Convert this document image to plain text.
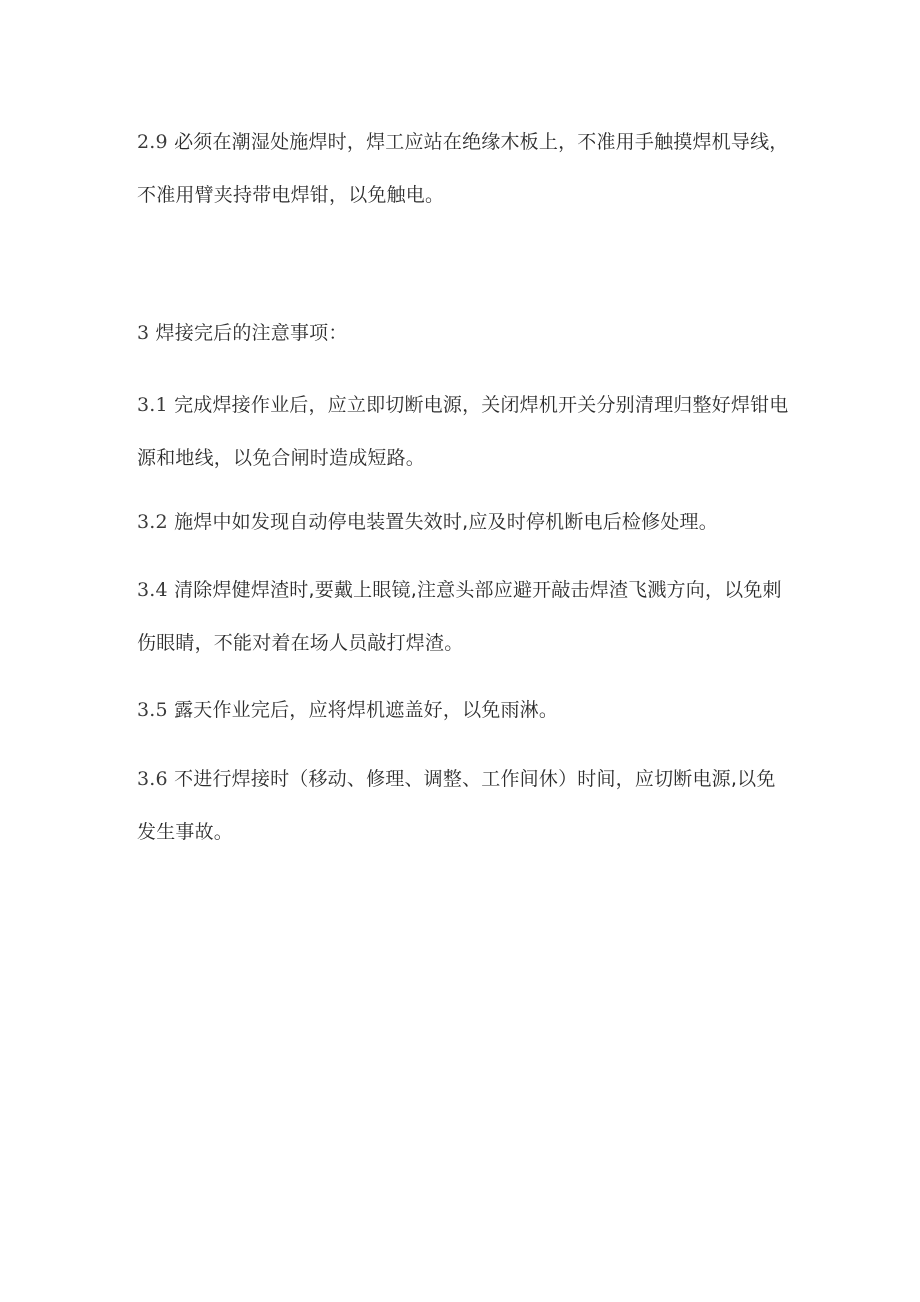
2.9 必须在潮湿处施焊时，焊工应站在绝缘木板上，不准用手触摸焊机导线，不准用臂夹持带电焊钳，以免触电。

3 焊接完后的注意事项：

3.1 完成焊接作业后，应立即切断电源，关闭焊机开关分别清理归整好焊钳电源和地线，以免合闸时造成短路。

3.2 施焊中如发现自动停电装置失效时,应及时停机断电后检修处理。

3.4 清除焊健焊渣时,要戴上眼镜,注意头部应避开敲击焊渣飞溅方向，以免刺伤眼睛，不能对着在场人员敲打焊渣。

3.5 露天作业完后，应将焊机遮盖好，以免雨淋。

3.6 不进行焊接时（移动、修理、调整、工作间休）时间，应切断电源,以免发生事故。
